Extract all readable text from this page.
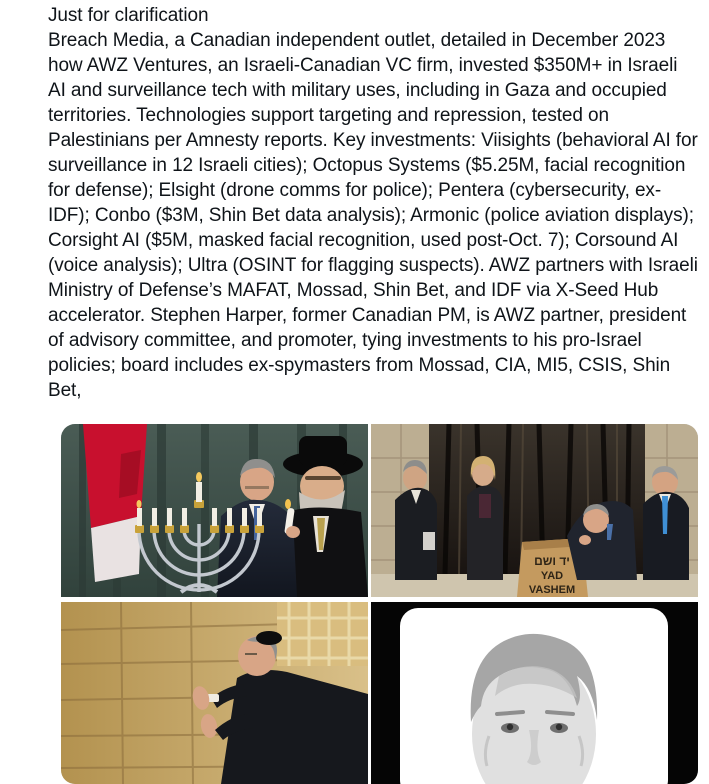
Just for clarification
Breach Media, a Canadian independent outlet, detailed in December 2023 how AWZ Ventures, an Israeli-Canadian VC firm, invested $350M+ in Israeli AI and surveillance tech with military uses, including in Gaza and occupied territories. Technologies support targeting and repression, tested on Palestinians per Amnesty reports. Key investments: Viisights (behavioral AI for surveillance in 12 Israeli cities); Octopus Systems ($5.25M, facial recognition for defense); Elsight (drone comms for police); Pentera (cybersecurity, ex-IDF); Conbo ($3M, Shin Bet data analysis); Armonic (police aviation displays); Corsight AI ($5M, masked facial recognition, used post-Oct. 7); Corsound AI (voice analysis); Ultra (OSINT for flagging suspects). AWZ partners with Israeli Ministry of Defense’s MAFAT, Mossad, Shin Bet, and IDF via X-Seed Hub accelerator. Stephen Harper, former Canadian PM, is AWZ partner, president of advisory committee, and promoter, tying investments to his pro-Israel policies; board includes ex-spymasters from Mossad, CIA, MI5, CSIS, Shin Bet,
יד ושם
YAD
VASHEM
